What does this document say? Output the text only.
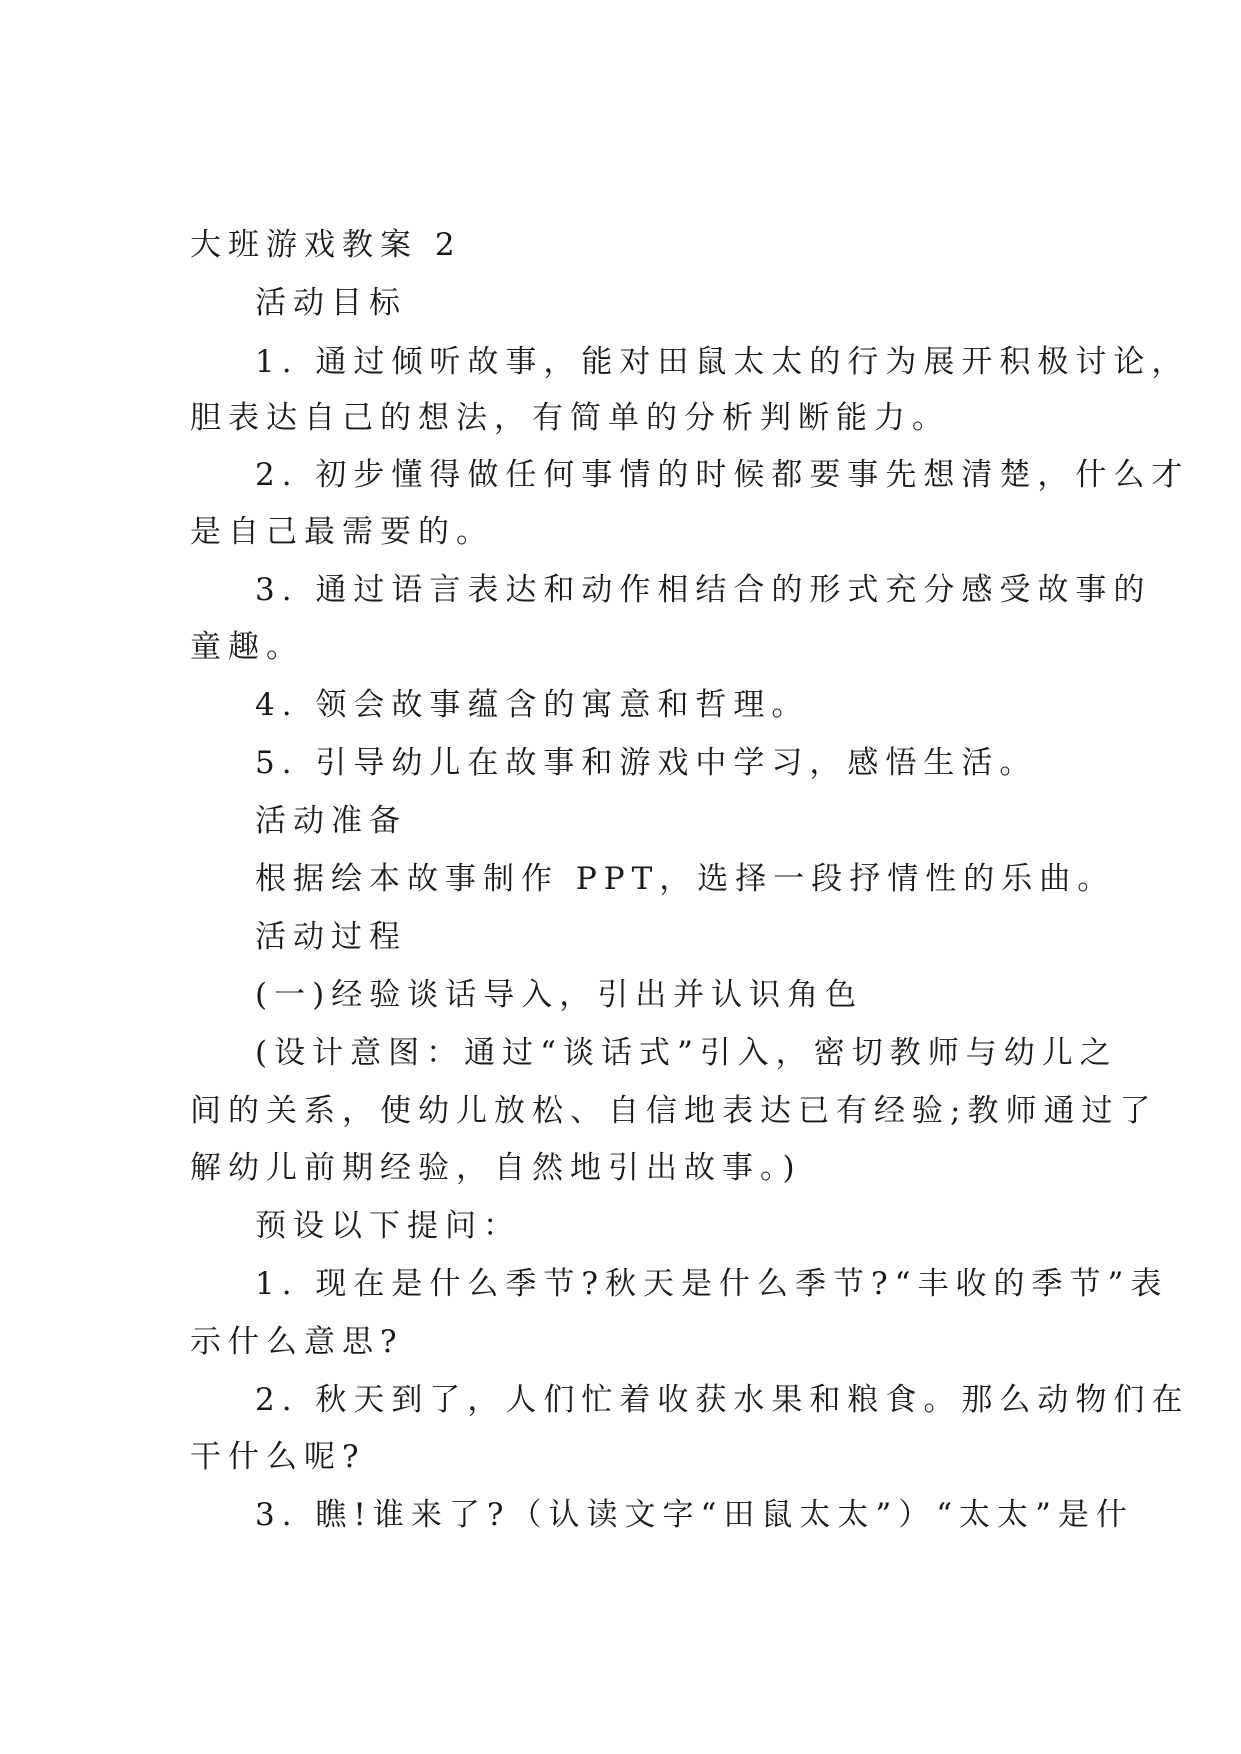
大班游戏教案 2
活动目标
1. 通过倾听故事，能对田鼠太太的行为展开积极讨论，
胆表达自己的想法，有简单的分析判断能力。
2. 初步懂得做任何事情的时候都要事先想清楚，什么才
是自己最需要的。
3. 通过语言表达和动作相结合的形式充分感受故事的
童趣。
4. 领会故事蕴含的寓意和哲理。
5. 引导幼儿在故事和游戏中学习，感悟生活。
活动准备
根据绘本故事制作 PPT，选择一段抒情性的乐曲。
活动过程
(一)经验谈话导入，引出并认识角色
(设计意图：通过“谈话式”引入，密切教师与幼儿之
间的关系，使幼儿放松、自信地表达已有经验;教师通过了
解幼儿前期经验，自然地引出故事。)
预设以下提问：
1. 现在是什么季节?秋天是什么季节?“丰收的季节”表
示什么意思?
2. 秋天到了，人们忙着收获水果和粮食。那么动物们在
干什么呢?
3. 瞧!谁来了?（认读文字“田鼠太太”）“太太”是什
